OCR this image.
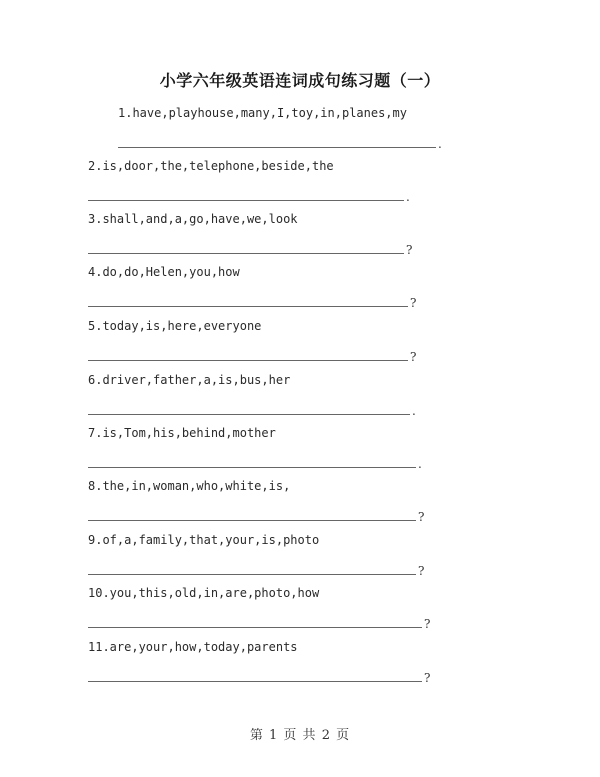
小学六年级英语连词成句练习题（一）
1.have,playhouse,many,I,toy,in,planes,my
.
2.is,door,the,telephone,beside,the
.
3.shall,and,a,go,have,we,look
?
4.do,do,Helen,you,how
?
5.today,is,here,everyone
?
6.driver,father,a,is,bus,her
.
7.is,Tom,his,behind,mother
.
8.the,in,woman,who,white,is,
?
9.of,a,family,that,your,is,photo
?
10.you,this,old,in,are,photo,how
?
11.are,your,how,today,parents
?
第 1 页 共 2 页
